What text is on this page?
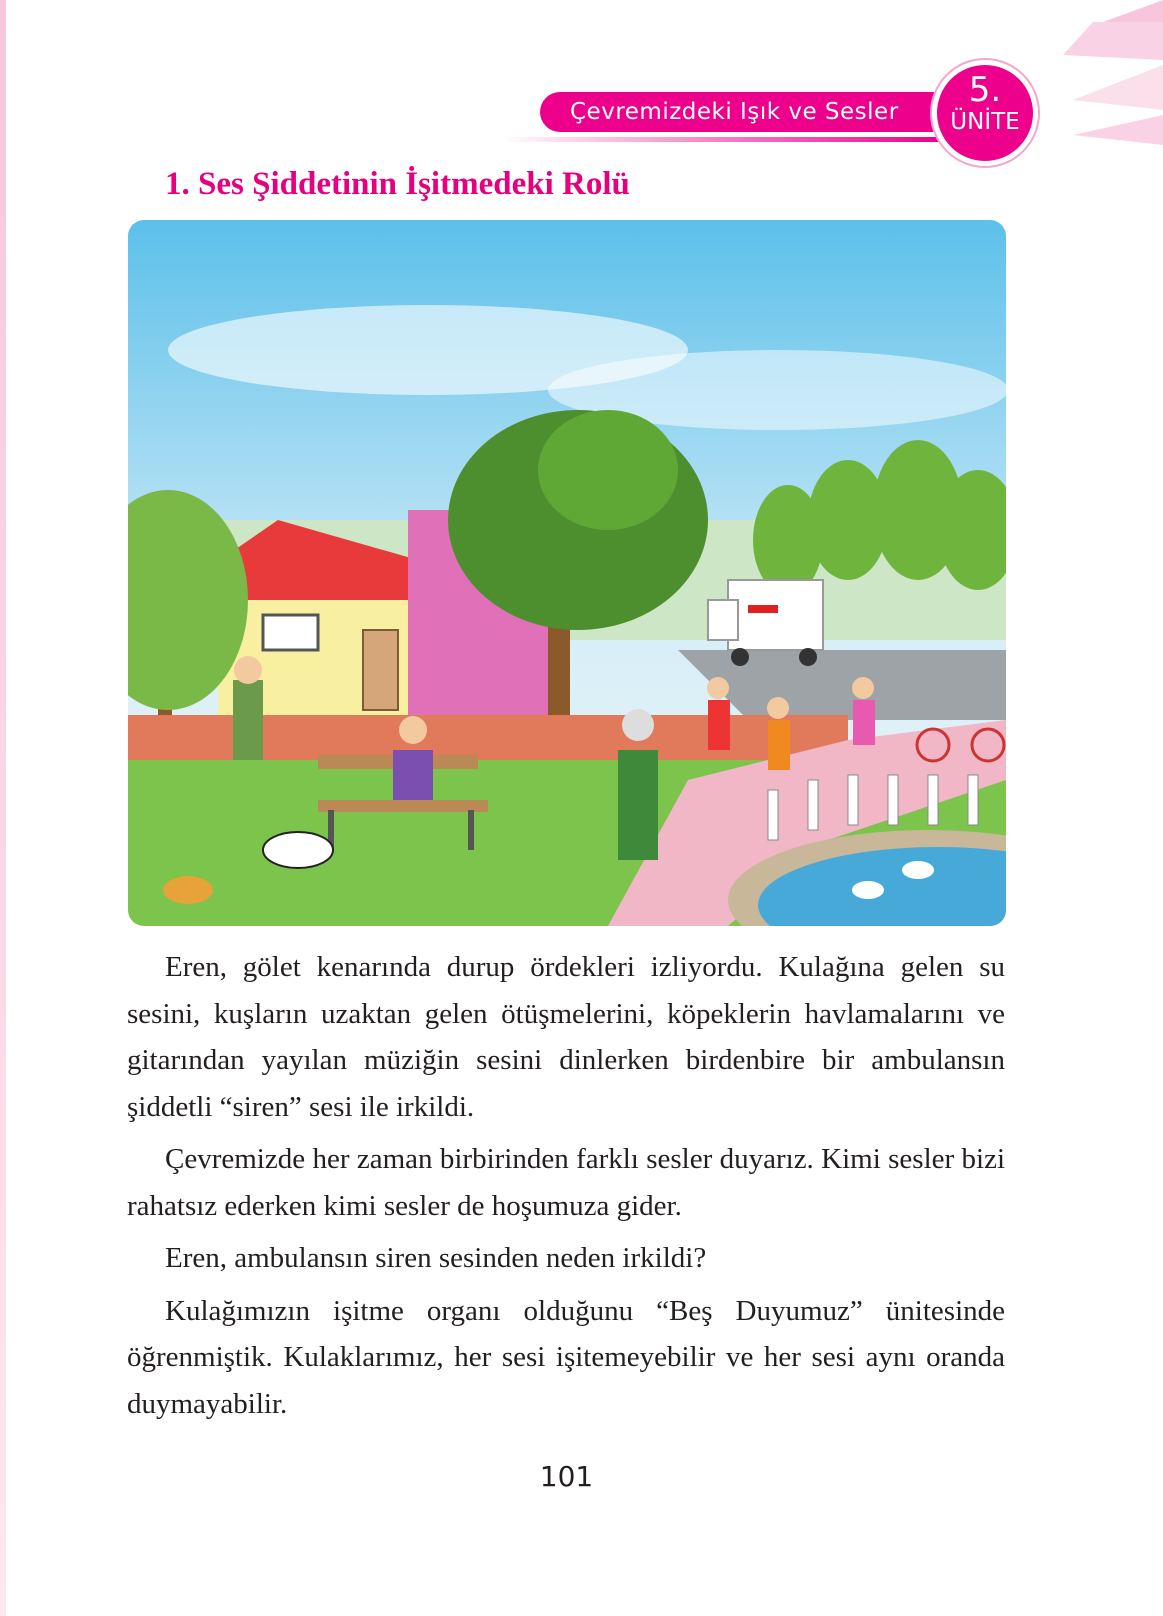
Çevremizdeki Işık ve Sesler
5.
ÜNİTE
1. Ses Şiddetinin İşitmedeki Rolü

Eren, gölet kenarında durup ördekleri izliyordu. Kulağına gelen su sesini, kuşların uzaktan gelen ötüşmelerini, köpeklerin havlamalarını ve gitarından yayılan müziğin sesini dinlerken birdenbire bir ambulansın şiddetli “siren” sesi ile irkildi.

Çevremizde her zaman birbirinden farklı sesler duyarız. Kimi sesler bizi rahatsız ederken kimi sesler de hoşumuza gider.

Eren, ambulansın siren sesinden neden irkildi?

Kulağımızın işitme organı olduğunu “Beş Duyumuz” ünitesinde öğrenmiştik. Kulaklarımız, her sesi işitemeyebilir ve her sesi aynı oranda duymayabilir.

101
